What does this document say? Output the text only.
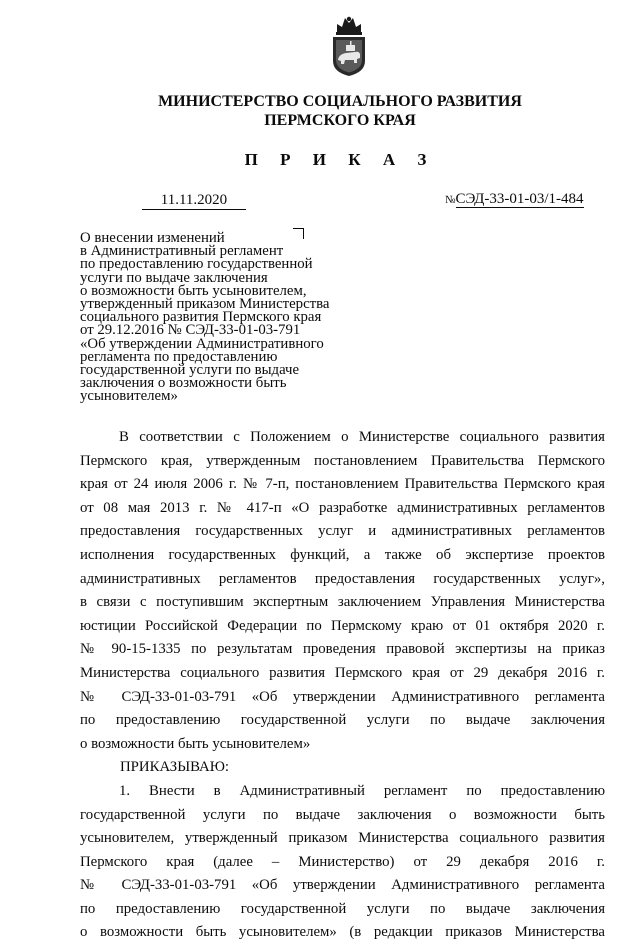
МИНИСТЕРСТВО СОЦИАЛЬНОГО РАЗВИТИЯ
ПЕРМСКОГО КРАЯ
П Р И К А З
11.11.2020	№СЭД-33-01-03/1-484
О внесении изменений
в Административный регламент
по предоставлению государственной
услуги по выдаче заключения
о возможности быть усыновителем,
утвержденный приказом Министерства
социального развития Пермского края
от 29.12.2016 № СЭД-33-01-03-791
«Об утверждении Административного
регламента по предоставлению
государственной услуги по выдаче
заключения о возможности быть
усыновителем»
В соответствии с Положением о Министерстве социального развития
Пермского края, утвержденным постановлением Правительства Пермского
края от 24 июля 2006 г. № 7-п, постановлением Правительства Пермского края
от 08 мая 2013 г. № 417-п «О разработке административных регламентов
предоставления государственных услуг и административных регламентов
исполнения государственных функций, а также об экспертизе проектов
административных регламентов предоставления государственных услуг»,
в связи с поступившим экспертным заключением Управления Министерства
юстиции Российской Федерации по Пермскому краю от 01 октября 2020 г.
№ 90-15-1335 по результатам проведения правовой экспертизы на приказ
Министерства социального развития Пермского края от 29 декабря 2016 г.
№ СЭД-33-01-03-791 «Об утверждении Административного регламента
по предоставлению государственной услуги по выдаче заключения
о возможности быть усыновителем»
ПРИКАЗЫВАЮ:
1. Внести в Административный регламент по предоставлению
государственной услуги по выдаче заключения о возможности быть
усыновителем, утвержденный приказом Министерства социального развития
Пермского края (далее – Министерство) от 29 декабря 2016 г.
№ СЭД-33-01-03-791 «Об утверждении Административного регламента
по предоставлению государственной услуги по выдаче заключения
о возможности быть усыновителем» (в редакции приказов Министерства
